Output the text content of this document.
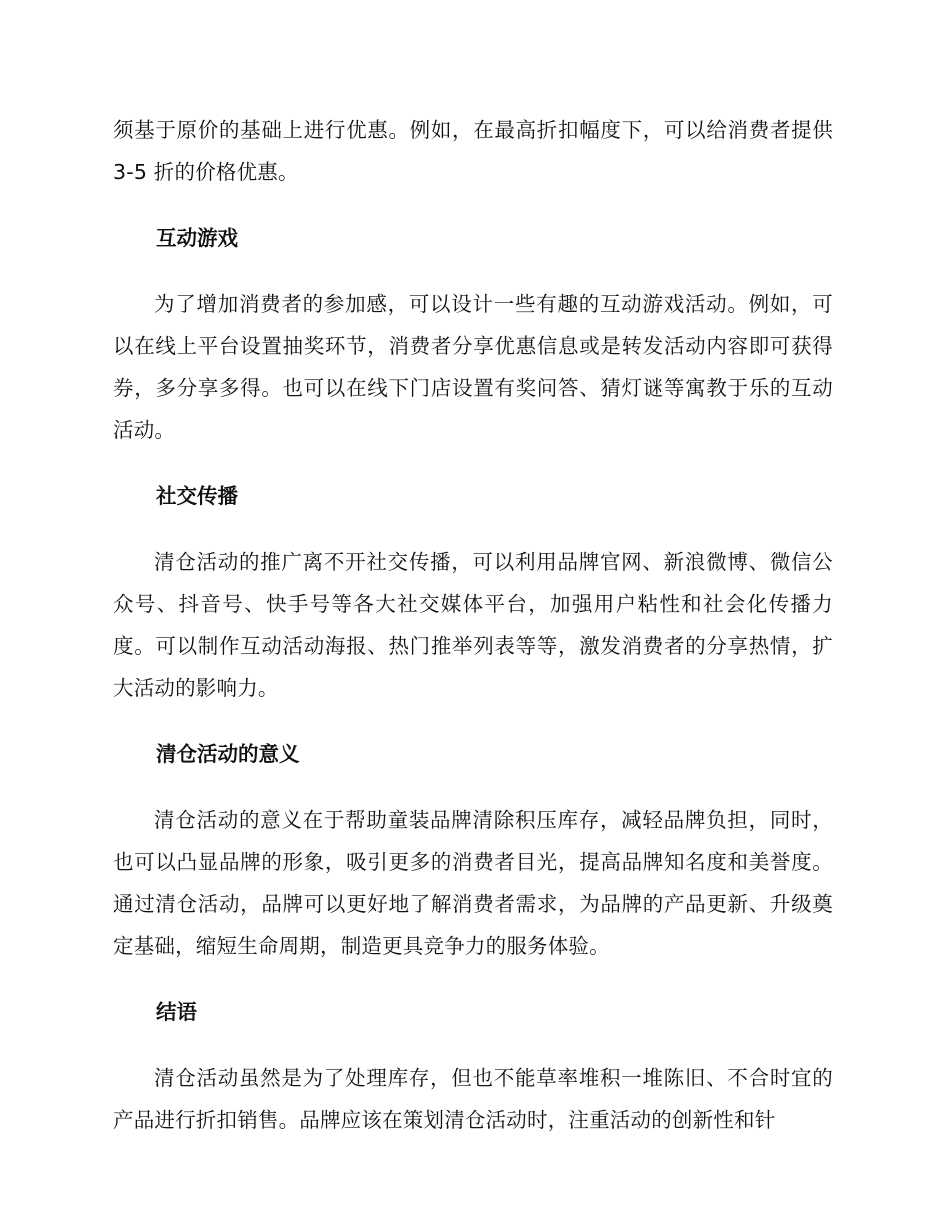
须基于原价的基础上进行优惠。例如，在最高折扣幅度下，可以给消费者提供 3-5 折的价格优惠。

互动游戏

为了增加消费者的参加感，可以设计一些有趣的互动游戏活动。例如，可以在线上平台设置抽奖环节，消费者分享优惠信息或是转发活动内容即可获得券，多分享多得。也可以在线下门店设置有奖问答、猜灯谜等寓教于乐的互动活动。

社交传播

清仓活动的推广离不开社交传播，可以利用品牌官网、新浪微博、微信公众号、抖音号、快手号等各大社交媒体平台，加强用户粘性和社会化传播力度。可以制作互动活动海报、热门推举列表等等，激发消费者的分享热情，扩大活动的影响力。

清仓活动的意义

清仓活动的意义在于帮助童装品牌清除积压库存，减轻品牌负担，同时，也可以凸显品牌的形象，吸引更多的消费者目光，提高品牌知名度和美誉度。通过清仓活动，品牌可以更好地了解消费者需求，为品牌的产品更新、升级奠定基础，缩短生命周期，制造更具竞争力的服务体验。

结语

清仓活动虽然是为了处理库存，但也不能草率堆积一堆陈旧、不合时宜的产品进行折扣销售。品牌应该在策划清仓活动时，注重活动的创新性和针
